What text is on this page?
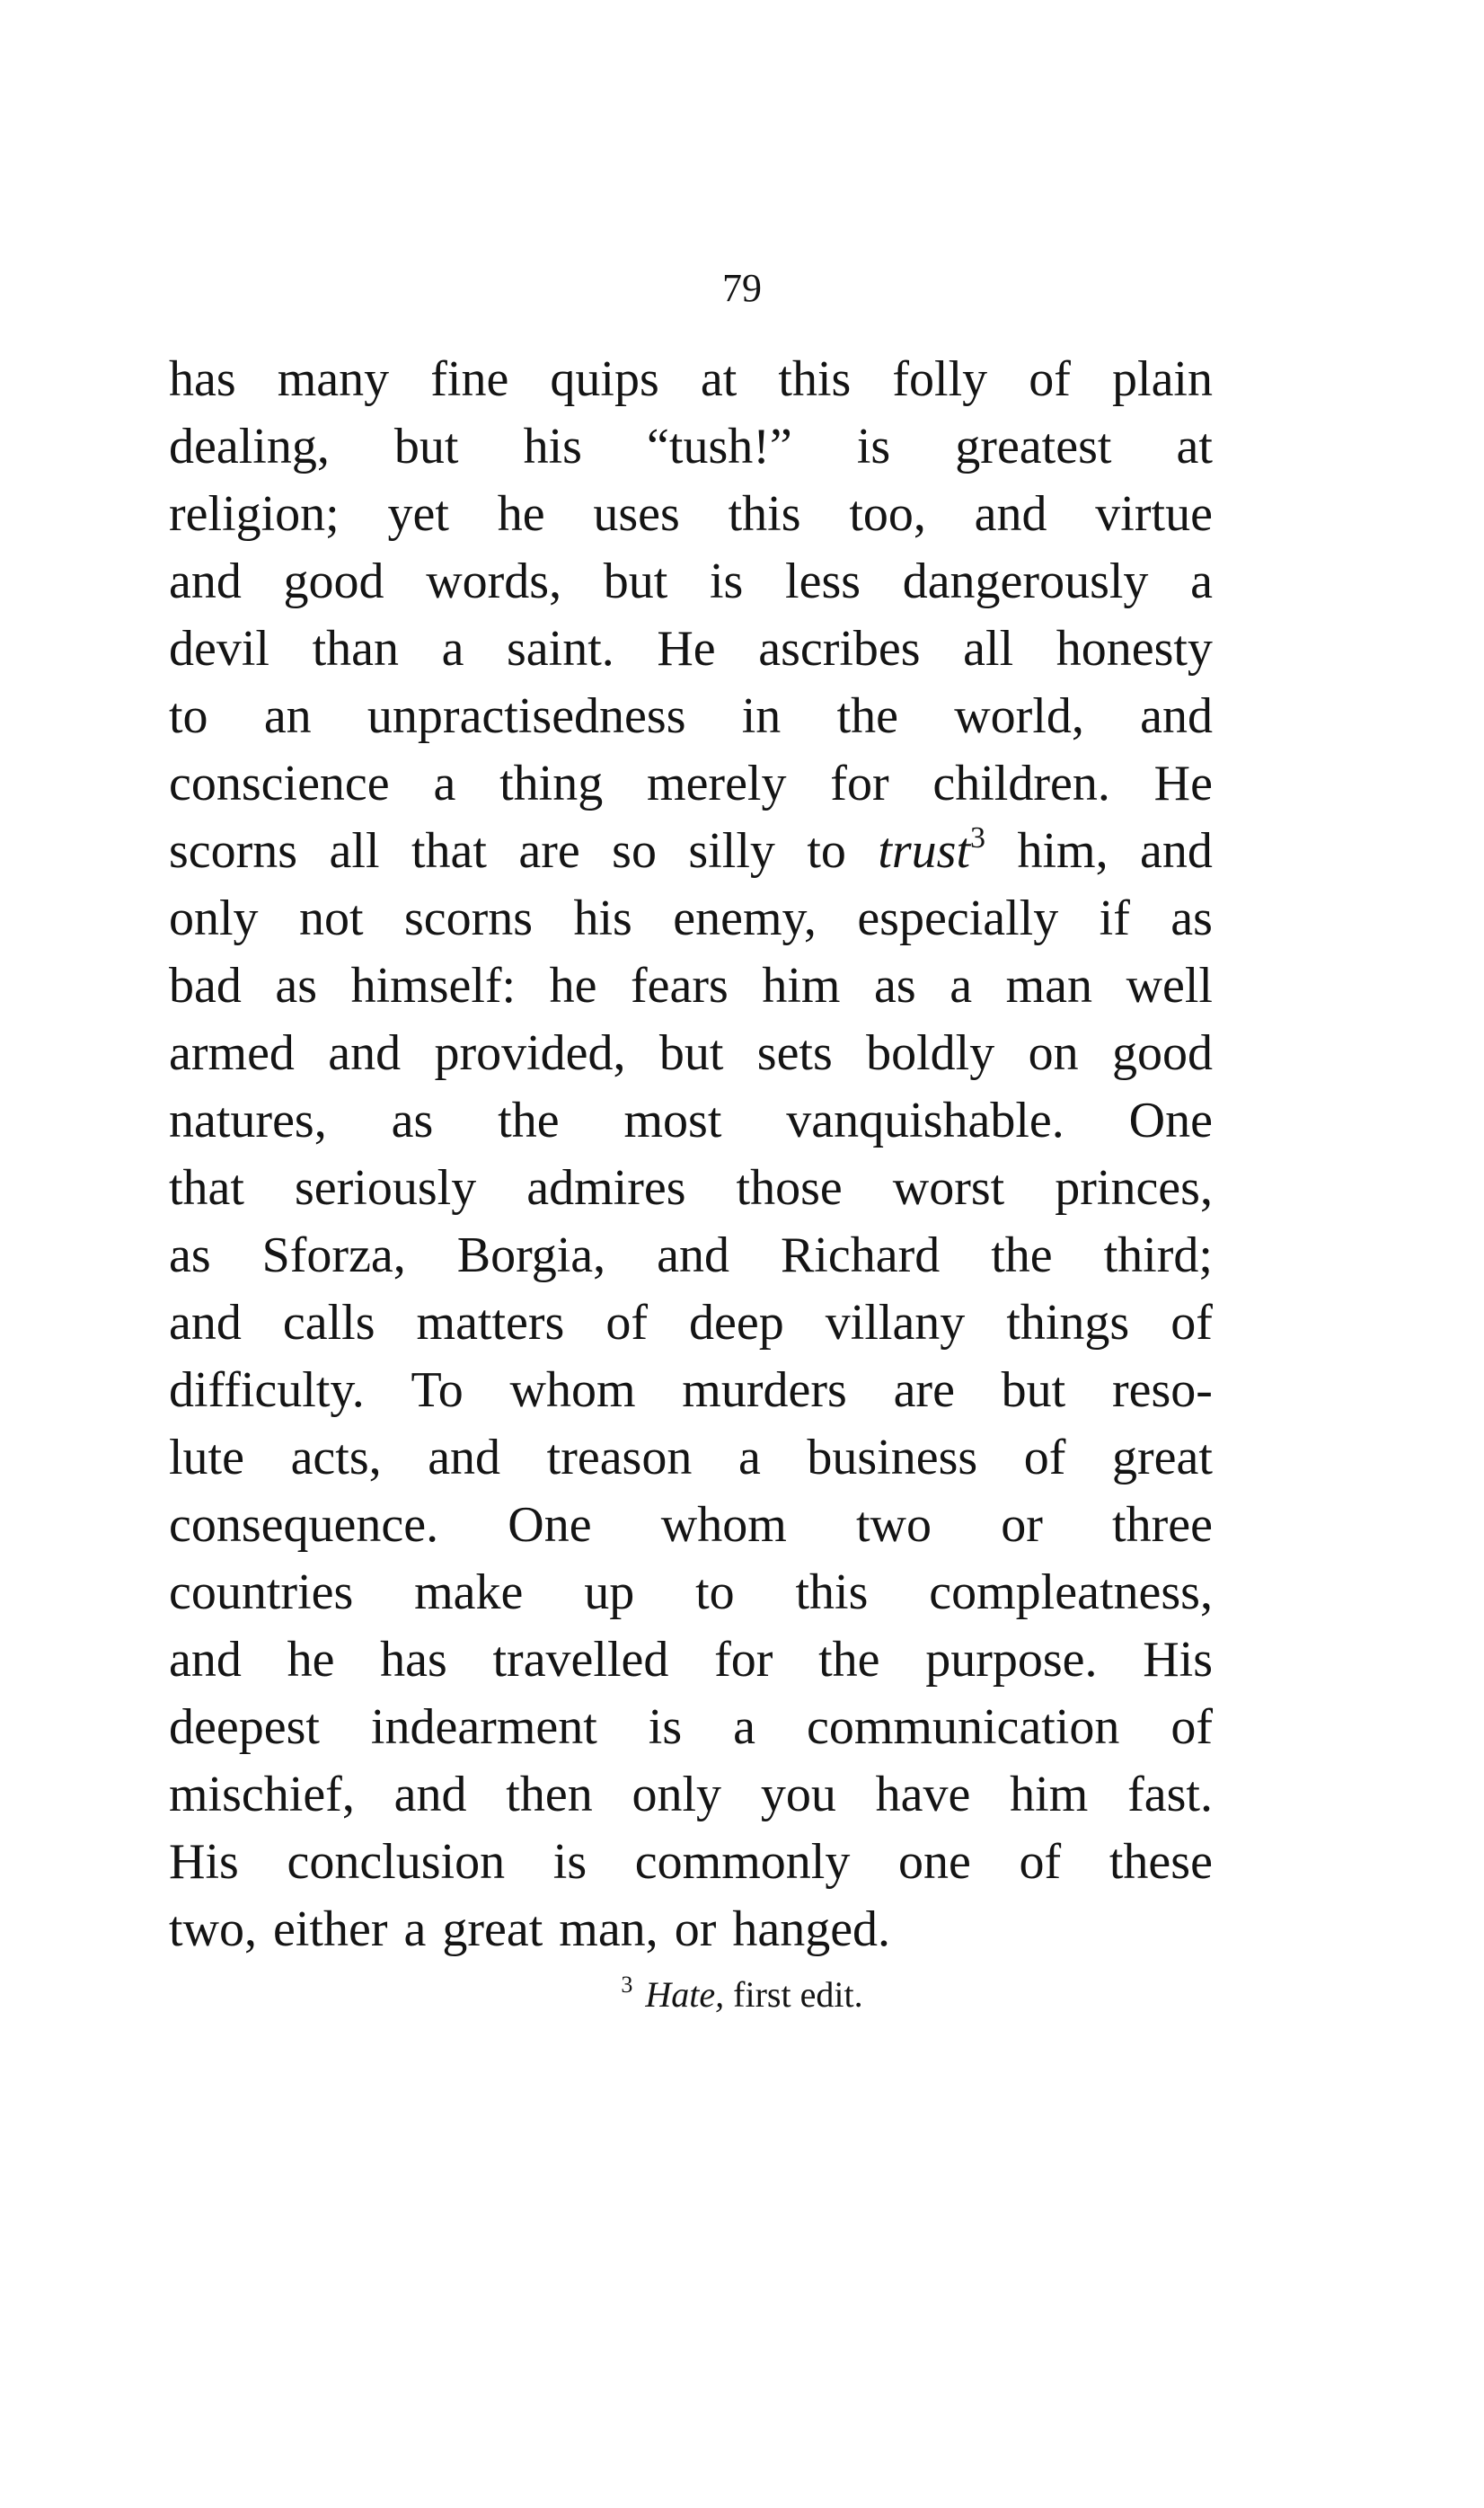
79
has many fine quips at this folly of plain
dealing, but his “tush!” is greatest at
religion; yet he uses this too, and virtue
and good words, but is less dangerously a
devil than a saint. He ascribes all honesty
to an unpractisedness in the world, and
conscience a thing merely for children. He
scorns all that are so silly to trust$^3$ him, and
only not scorns his enemy, especially if as
bad as himself: he fears him as a man well
armed and provided, but sets boldly on good
natures, as the most vanquishable. One
that seriously admires those worst princes,
as Sforza, Borgia, and Richard the third;
and calls matters of deep villany things of
difficulty. To whom murders are but reso-
lute acts, and treason a business of great
consequence. One whom two or three
countries make up to this compleatness,
and he has travelled for the purpose. His
deepest indearment is a communication of
mischief, and then only you have him fast.
His conclusion is commonly one of these
two, either a great man, or hanged.
$^3$ Hate, first edit.
